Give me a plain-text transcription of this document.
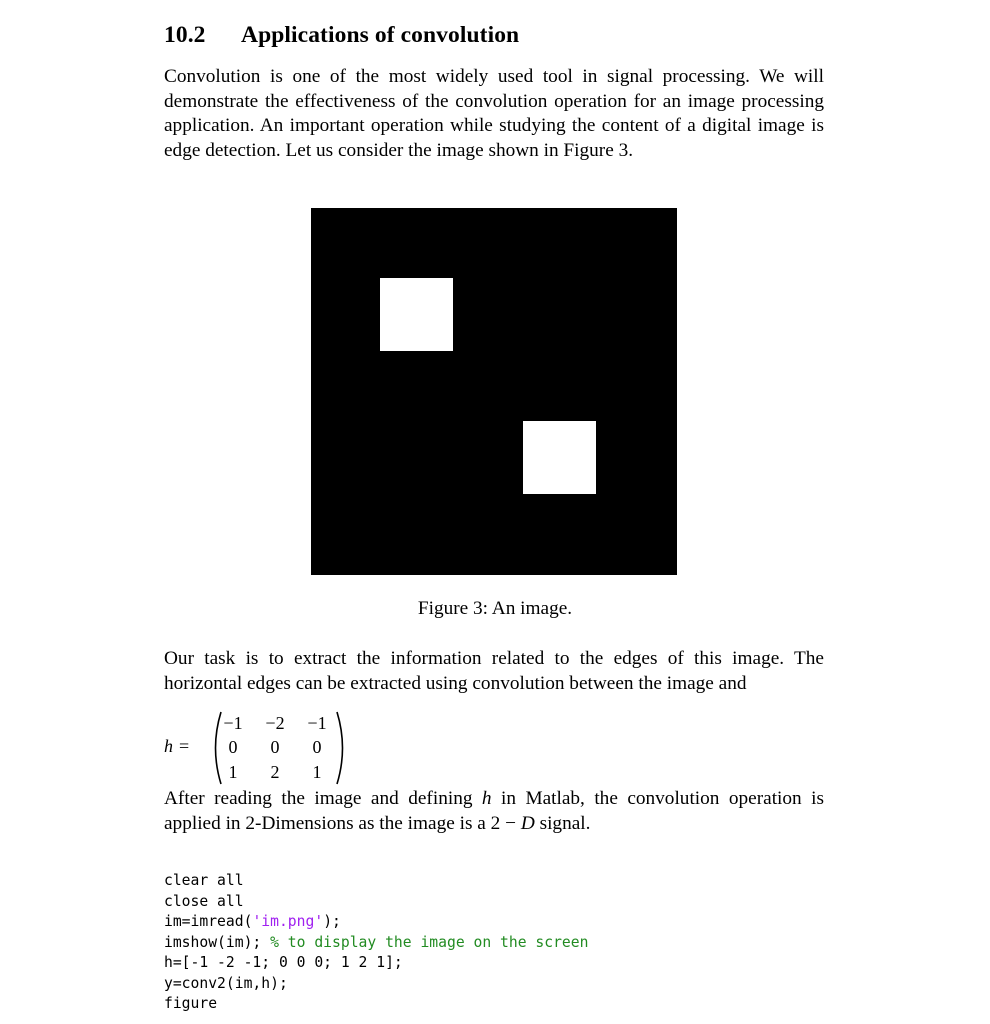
10.2 Applications of convolution

Convolution is one of the most widely used tool in signal processing. We will demonstrate the effectiveness of the convolution operation for an image processing application. An important operation while studying the content of a digital image is edge detection. Let us consider the image shown in Figure 3.

Figure 3: An image.

Our task is to extract the information related to the edges of this image. The horizontal edges can be extracted using convolution between the image and

h =
−1	−2	−1
0	0	0
1	2	1

After reading the image and defining h in Matlab, the convolution operation is applied in 2-Dimensions as the image is a 2 − D signal.

clear all
close all
im=imread('im.png');
imshow(im); % to display the image on the screen
h=[-1 -2 -1; 0 0 0; 1 2 1];
y=conv2(im,h);
figure
